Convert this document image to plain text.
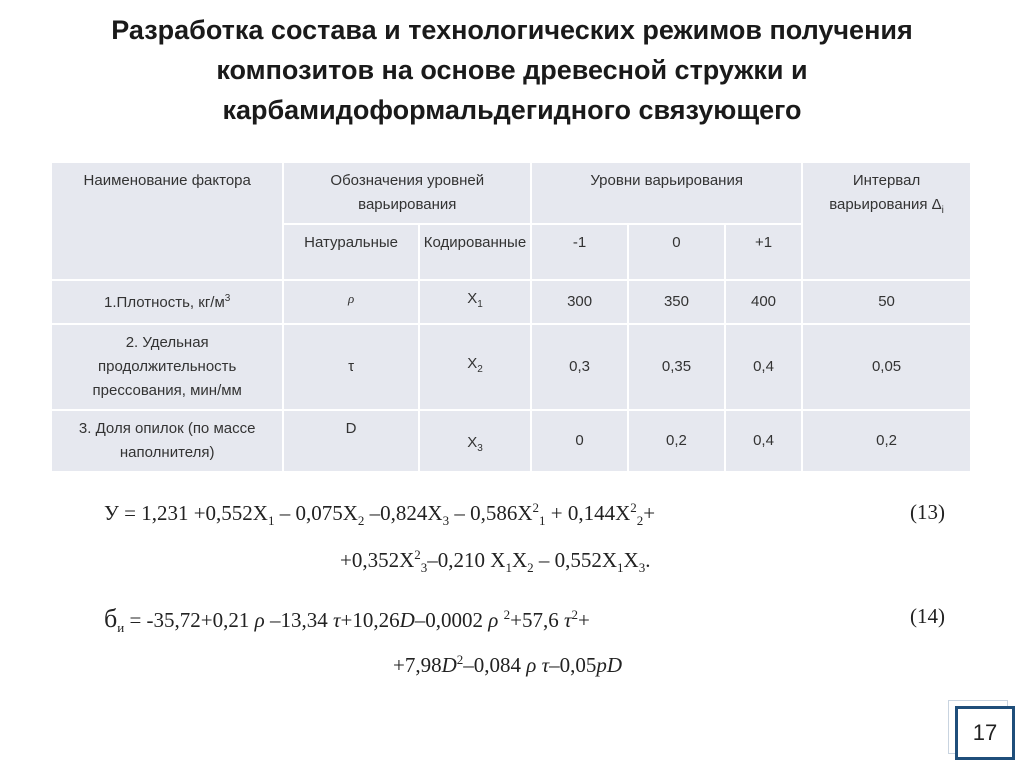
Разработка состава и технологических режимов получения
композитов на основе древесной стружки и
карбамидоформальдегидного связующего
Наименование фактора	Обозначения уровней варьирования		Уровни варьирования			Интервал варьирования $\Delta_i$
	Натуральные	Кодированные	-1	0	+1	
1.Плотность, $кг/м^3$	ρ	$X_1$	300	350	400	50
2. Удельная продолжительность прессования, мин/мм	τ	$X_2$	0,3	0,35	0,4	0,05
3. Доля опилок (по массе наполнителя)	D	$X_3$	0	0,2	0,4	0,2
$У = 1,231 +0,552Х_1 - 0,075Х_2$ $-0,824Х_3 - 0,586Х^2_1 + 0,144Х^2_2+$	(13)
$+0,352Х^2_3-0,210$ $Х_1Х_2 - 0,552Х_1Х_3$.
$б_и = -35,72+0,21$ ρ –13,34 τ+10,26D–0,0002 ρ $^2$+57,6 $\tau^2+$	(14)
$+7,98D^2-0,084$ ρ τ–0,05pD
17
